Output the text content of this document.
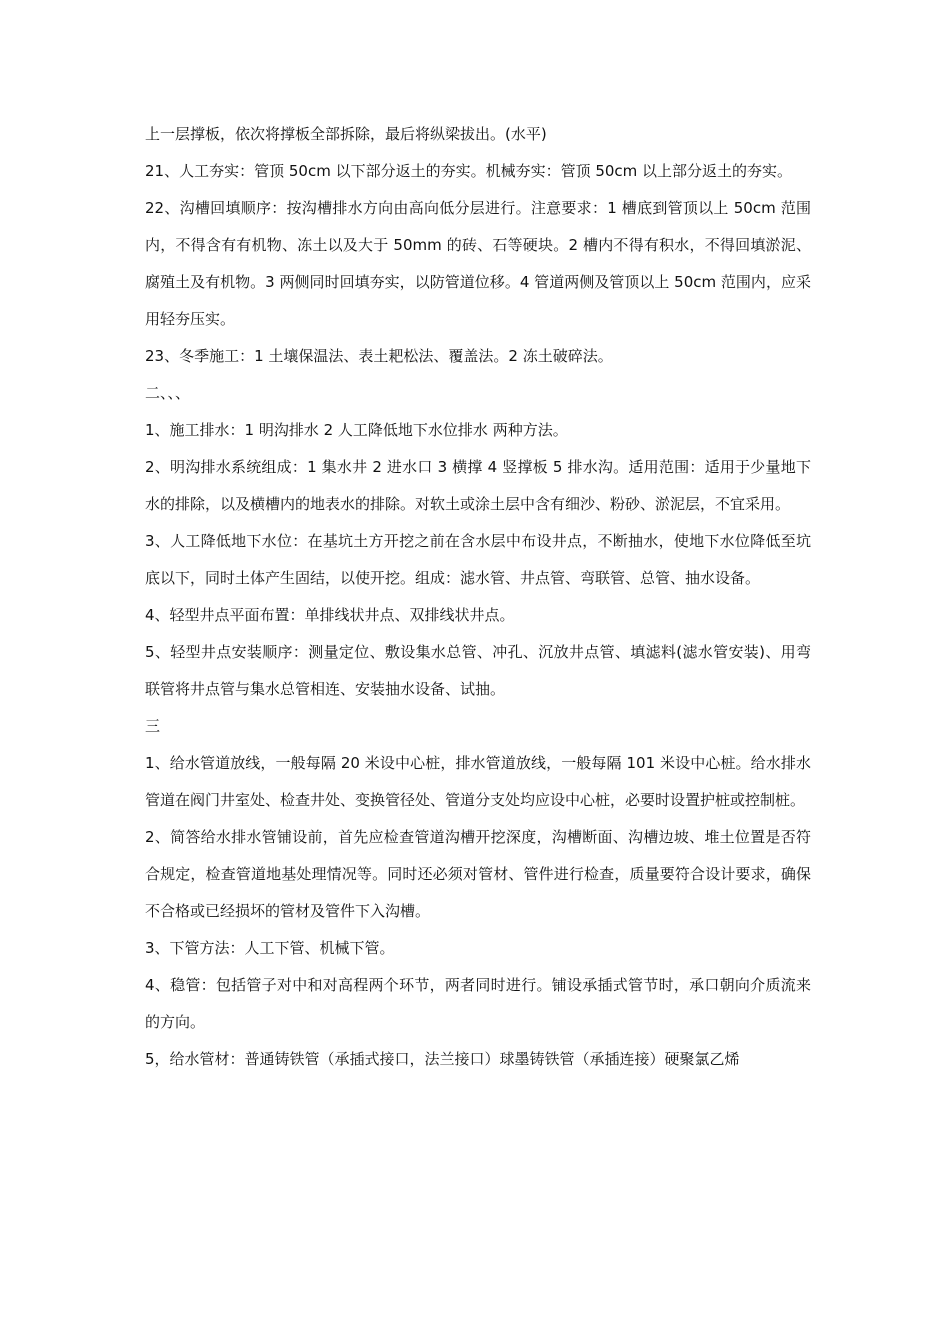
上一层撑板，依次将撑板全部拆除，最后将纵梁拔出。(水平)

21、人工夯实：管顶 50cm 以下部分返土的夯实。机械夯实：管顶 50cm 以上部分返土的夯实。

22、沟槽回填顺序：按沟槽排水方向由高向低分层进行。注意要求：1 槽底到管顶以上 50cm 范围内，不得含有有机物、冻土以及大于 50mm 的砖、石等硬块。2 槽内不得有积水，不得回填淤泥、腐殖土及有机物。3 两侧同时回填夯实，以防管道位移。4 管道两侧及管顶以上 50cm 范围内，应采用轻夯压实。

23、冬季施工：1 土壤保温法、表土耙松法、覆盖法。2 冻土破碎法。

二、、、

1、施工排水：1 明沟排水 2 人工降低地下水位排水 两种方法。

2、明沟排水系统组成：1 集水井 2 进水口 3 横撑 4 竖撑板 5 排水沟。适用范围：适用于少量地下水的排除，以及横槽内的地表水的排除。对软土或涂土层中含有细沙、粉砂、淤泥层，不宜采用。

3、人工降低地下水位：在基坑土方开挖之前在含水层中布设井点，不断抽水，使地下水位降低至坑底以下，同时土体产生固结，以使开挖。组成：滤水管、井点管、弯联管、总管、抽水设备。

4、轻型井点平面布置：单排线状井点、双排线状井点。

5、轻型井点安装顺序：测量定位、敷设集水总管、冲孔、沉放井点管、填滤料(滤水管安装)、用弯联管将井点管与集水总管相连、安装抽水设备、试抽。

三

1、给水管道放线，一般每隔 20 米设中心桩，排水管道放线，一般每隔 101 米设中心桩。给水排水管道在阀门井室处、检查井处、变换管径处、管道分支处均应设中心桩，必要时设置护桩或控制桩。

2、简答给水排水管铺设前，首先应检查管道沟槽开挖深度，沟槽断面、沟槽边坡、堆土位置是否符合规定，检查管道地基处理情况等。同时还必须对管材、管件进行检查，质量要符合设计要求，确保不合格或已经损坏的管材及管件下入沟槽。

3、下管方法：人工下管、机械下管。

4、稳管：包括管子对中和对高程两个环节，两者同时进行。铺设承插式管节时，承口朝向介质流来的方向。

5，给水管材：普通铸铁管（承插式接口，法兰接口）球墨铸铁管（承插连接）硬聚氯乙烯
